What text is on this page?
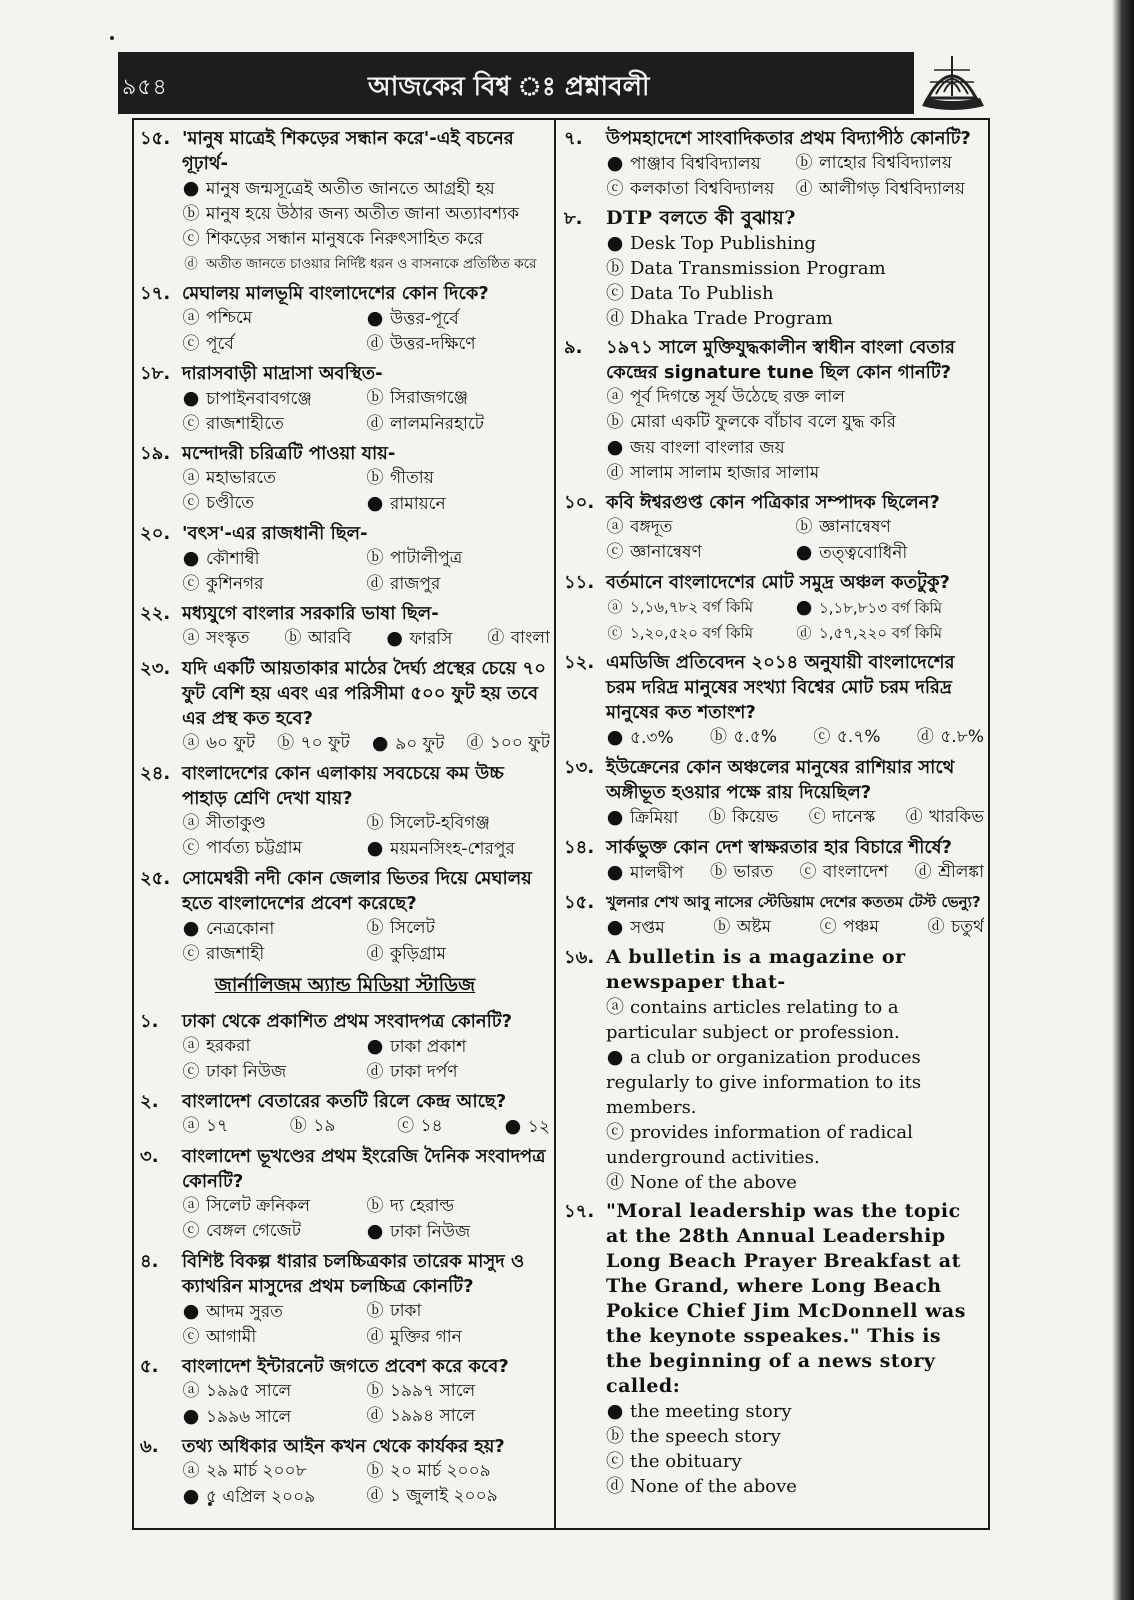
৯৫৪	আজকের বিশ্ব ঃ প্রশ্নাবলী
১৫. 'মানুষ মাত্রেই শিকড়ের সন্ধান করে'-এই বচনের গূঢ়ার্থ-
● মানুষ জন্মসূত্রেই অতীত জানতে আগ্রহী হয়
ⓑ মানুষ হয়ে উঠার জন্য অতীত জানা অত্যাবশ্যক
ⓒ শিকড়ের সন্ধান মানুষকে নিরুৎসাহিত করে
ⓓ অতীত জানতে চাওয়ার নির্দিষ্ট ধরন ও বাসনাকে প্রতিষ্ঠিত করে
১৭. মেঘালয় মালভূমি বাংলাদেশের কোন দিকে?
ⓐ পশ্চিমে	● উত্তর-পূর্বে
ⓒ পূর্বে	ⓓ উত্তর-দক্ষিণে
১৮. দারাসবাড়ী মাদ্রাসা অবস্থিত-
● চাপাইনবাবগঞ্জে	ⓑ সিরাজগঞ্জে
ⓒ রাজশাহীতে	ⓓ লালমনিরহাটে
১৯. মন্দোদরী চরিত্রটি পাওয়া যায়-
ⓐ মহাভারতে	ⓑ গীতায়
ⓒ চণ্ডীতে	● রামায়নে
২০. 'বৎস'-এর রাজধানী ছিল-
● কৌশাম্বী	ⓑ পাটালীপুত্র
ⓒ কুশিনগর	ⓓ রাজপুর
২২. মধ্যযুগে বাংলার সরকারি ভাষা ছিল-
ⓐ সংস্কৃত ⓑ আরবি ● ফারসি ⓓ বাংলা
২৩. যদি একটি আয়তাকার মাঠের দৈর্ঘ্য প্রস্থের চেয়ে ৭০ ফুট বেশি হয় এবং এর পরিসীমা ৫০০ ফুট হয় তবে এর প্রস্থ কত হবে?
ⓐ ৬০ ফুট ⓑ ৭০ ফুট ● ৯০ ফুট ⓓ ১০০ ফুট
২৪. বাংলাদেশের কোন এলাকায় সবচেয়ে কম উচ্চ পাহাড় শ্রেণি দেখা যায়?
ⓐ সীতাকুণ্ড	ⓑ সিলেট-হবিগঞ্জ
ⓒ পার্বত্য চট্টগ্রাম	● ময়মনসিংহ-শেরপুর
২৫. সোমেশ্বরী নদী কোন জেলার ভিতর দিয়ে মেঘালয় হতে বাংলাদেশের প্রবেশ করেছে?
● নেত্রকোনা	ⓑ সিলেট
ⓒ রাজশাহী	ⓓ কুড়িগ্রাম
জার্নালিজম অ্যান্ড মিডিয়া স্টাডিজ
১.	ঢাকা থেকে প্রকাশিত প্রথম সংবাদপত্র কোনটি?
ⓐ হরকরা	● ঢাকা প্রকাশ
ⓒ ঢাকা নিউজ	ⓓ ঢাকা দর্পণ
২.	বাংলাদেশ বেতারের কতটি রিলে কেন্দ্র আছে?
ⓐ ১৭	ⓑ ১৯	ⓒ ১৪	● ১২
৩.	বাংলাদেশ ভূখণ্ডের প্রথম ইংরেজি দৈনিক সংবাদপত্র কোনটি?
ⓐ সিলেট ক্রনিকল	ⓑ দ্য হেরাল্ড
ⓒ বেঙ্গল গেজেট	● ঢাকা নিউজ
৪.	বিশিষ্ট বিকল্প ধারার চলচ্চিত্রকার তারেক মাসুদ ও ক্যাথরিন মাসুদের প্রথম চলচ্চিত্র কোনটি?
● আদম সুরত	ⓑ ঢাকা
ⓒ আগামী	ⓓ মুক্তির গান
৫.	বাংলাদেশ ইন্টারনেট জগতে প্রবেশ করে কবে?
ⓐ ১৯৯৫ সালে	ⓑ ১৯৯৭ সালে
● ১৯৯৬ সালে	ⓓ ১৯৯৪ সালে
৬.	তথ্য অধিকার আইন কখন থেকে কার্যকর হয়?
ⓐ ২৯ মার্চ ২০০৮	ⓑ ২০ মার্চ ২০০৯
● ৫ এপ্রিল ২০০৯	ⓓ ১ জুলাই ২০০৯
৭.	উপমহাদেশে সাংবাদিকতার প্রথম বিদ্যাপীঠ কোনটি?
● পাঞ্জাব বিশ্ববিদ্যালয়	ⓑ লাহোর বিশ্ববিদ্যালয়
ⓒ কলকাতা বিশ্ববিদ্যালয়	ⓓ আলীগড় বিশ্ববিদ্যালয়
৮.	DTP বলতে কী বুঝায়?
● Desk Top Publishing
ⓑ Data Transmission Program
ⓒ Data To Publish
ⓓ Dhaka Trade Program
৯.	১৯৭১ সালে মুক্তিযুদ্ধকালীন স্বাধীন বাংলা বেতার কেন্দ্রের signature tune ছিল কোন গানটি?
ⓐ পূর্ব দিগন্তে সূর্য উঠেছে রক্ত লাল
ⓑ মোরা একটি ফুলকে বাঁচাব বলে যুদ্ধ করি
● জয় বাংলা বাংলার জয়
ⓓ সালাম সালাম হাজার সালাম
১০. কবি ঈশ্বরগুপ্ত কোন পত্রিকার সম্পাদক ছিলেন?
ⓐ বঙ্গদূত	ⓑ জ্ঞানান্বেষণ
ⓒ জ্ঞানান্বেষণ	● তত্ত্ববোধিনী
১১. বর্তমানে বাংলাদেশের মোট সমুদ্র অঞ্চল কতটুকু?
ⓐ ১,১৬,৭৮২ বর্গ কিমি	● ১,১৮,৮১৩ বর্গ কিমি
ⓒ ১,২০,৫২০ বর্গ কিমি	ⓓ ১,৫৭,২২০ বর্গ কিমি
১২. এমডিজি প্রতিবেদন ২০১৪ অনুযায়ী বাংলাদেশের চরম দরিদ্র মানুষের সংখ্যা বিশ্বের মোট চরম দরিদ্র মানুষের কত শতাংশ?
● ৫.৩% ⓑ ৫.৫% ⓒ ৫.৭% ⓓ ৫.৮%
১৩. ইউক্রেনের কোন অঞ্চলের মানুষের রাশিয়ার সাথে অঙ্গীভূত হওয়ার পক্ষে রায় দিয়েছিল?
● ক্রিমিয়া ⓑ কিয়েভ ⓒ দানেস্ক ⓓ খারকিভ
১৪. সার্কভুক্ত কোন দেশ স্বাক্ষরতার হার বিচারে শীর্ষে?
● মালদ্বীপ ⓑ ভারত ⓒ বাংলাদেশ ⓓ শ্রীলঙ্কা
১৫. খুলনার শেখ আবু নাসের স্টেডিয়াম দেশের কততম টেস্ট ভেন্যু?
● সপ্তম	ⓑ অষ্টম	ⓒ পঞ্চম	ⓓ চতুর্থ
১৬. A bulletin is a magazine or newspaper that-
ⓐ contains articles relating to a particular subject or profession.
● a club or organization produces regularly to give information to its members.
ⓒ provides information of radical underground activities.
ⓓ None of the above
১৭. "Moral leadership was the topic at the 28th Annual Leadership Long Beach Prayer Breakfast at The Grand, where Long Beach Pokice Chief Jim McDonnell was the keynote sspeakes." This is the beginning of a news story called:
● the meeting story
ⓑ the speech story
ⓒ the obituary
ⓓ None of the above
